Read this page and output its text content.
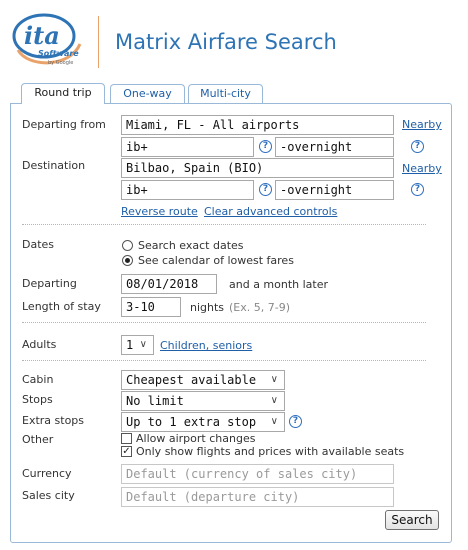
ita
Software
by Google
Matrix Airfare Search
Round trip	One-way	Multi-city
Departing from	Miami, FL - All airports	Nearby
ib+	? -overnight	?
Destination	Bilbao, Spain (BIO)	Nearby
ib+	? -overnight	?
Reverse route Clear advanced controls
Dates	Search exact dates
See calendar of lowest fares
Departing	08/01/2018	and a month later
Length of stay	3-10	nights (Ex. 5, 7-9)
Adults	1 ∨ Children, seniors
Cabin	Cheapest available ∨
Stops	No limit	∨
Extra stops	Up to 1 extra stop ∨	?
Other	Allow airport changes
✓ Only show flights and prices with available seats
Currency	Default (currency of sales city)
Sales city	Default (departure city)
Search
